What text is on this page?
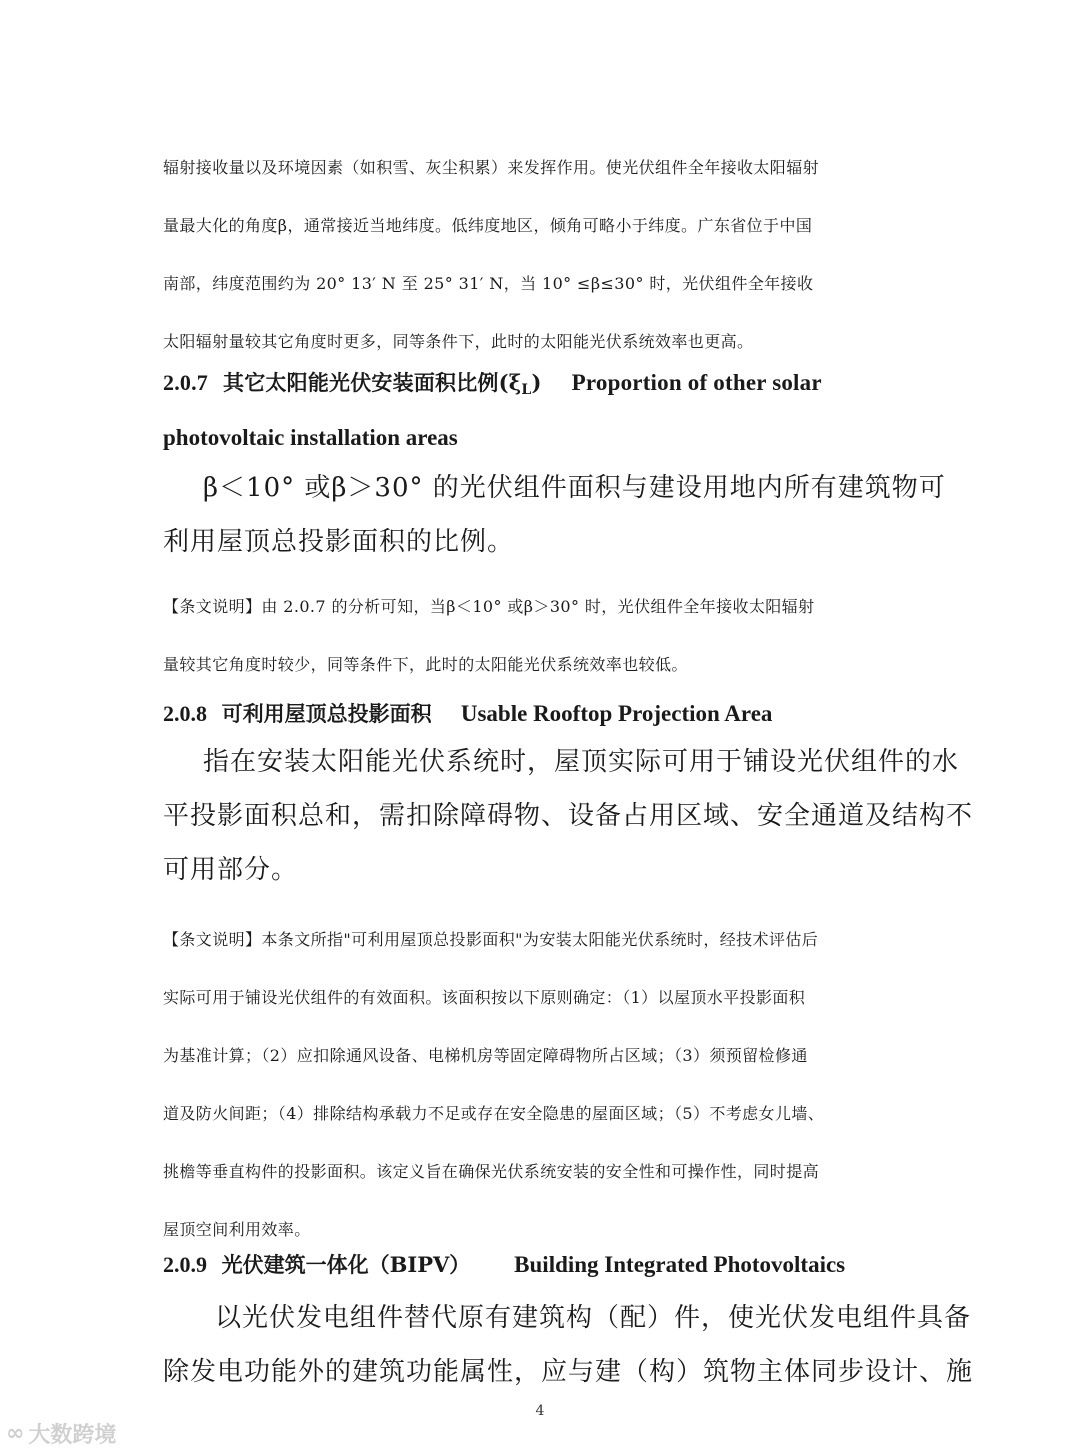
辐射接收量以及环境因素（如积雪、灰尘积累）来发挥作用。使光伏组件全年接收太阳辐射
量最大化的角度β，通常接近当地纬度。低纬度地区，倾角可略小于纬度。广东省位于中国
南部，纬度范围约为 20° 13′ N 至 25° 31′ N，当 10° ≤β≤30° 时，光伏组件全年接收
太阳辐射量较其它角度时更多，同等条件下，此时的太阳能光伏系统效率也更高。
2.0.7 其它太阳能光伏安装面积比例$(\xi_L)$ Proportion of other solar
photovoltaic installation areas
β＜10° 或β＞30° 的光伏组件面积与建设用地内所有建筑物可
利用屋顶总投影面积的比例。
【条文说明】由 2.0.7 的分析可知，当β＜10° 或β＞30° 时，光伏组件全年接收太阳辐射
量较其它角度时较少，同等条件下，此时的太阳能光伏系统效率也较低。
2.0.8 可利用屋顶总投影面积 Usable Rooftop Projection Area
指在安装太阳能光伏系统时，屋顶实际可用于铺设光伏组件的水
平投影面积总和，需扣除障碍物、设备占用区域、安全通道及结构不
可用部分。
【条文说明】本条文所指"可利用屋顶总投影面积"为安装太阳能光伏系统时，经技术评估后
实际可用于铺设光伏组件的有效面积。该面积按以下原则确定：（1）以屋顶水平投影面积
为基准计算；（2）应扣除通风设备、电梯机房等固定障碍物所占区域；（3）须预留检修通
道及防火间距；（4）排除结构承载力不足或存在安全隐患的屋面区域；（5）不考虑女儿墙、
挑檐等垂直构件的投影面积。该定义旨在确保光伏系统安装的安全性和可操作性，同时提高
屋顶空间利用效率。
2.0.9 光伏建筑一体化（BIPV） Building Integrated Photovoltaics
以光伏发电组件替代原有建筑构（配）件，使光伏发电组件具备
除发电功能外的建筑功能属性，应与建（构）筑物主体同步设计、施
4
∞ 大数跨境
